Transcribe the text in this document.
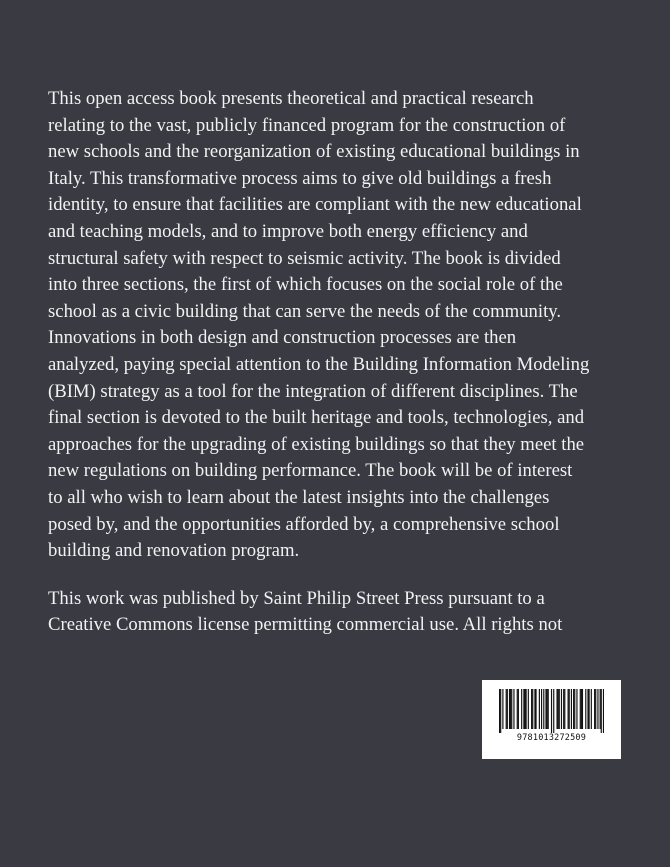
This open access book presents theoretical and practical research
relating to the vast, publicly financed program for the construction of
new schools and the reorganization of existing educational buildings in
Italy. This transformative process aims to give old buildings a fresh
identity, to ensure that facilities are compliant with the new educational
and teaching models, and to improve both energy efficiency and
structural safety with respect to seismic activity. The book is divided
into three sections, the first of which focuses on the social role of the
school as a civic building that can serve the needs of the community.
Innovations in both design and construction processes are then
analyzed, paying special attention to the Building Information Modeling
(BIM) strategy as a tool for the integration of different disciplines. The
final section is devoted to the built heritage and tools, technologies, and
approaches for the upgrading of existing buildings so that they meet the
new regulations on building performance. The book will be of interest
to all who wish to learn about the latest insights into the challenges
posed by, and the opportunities afforded by, a comprehensive school
building and renovation program.

This work was published by Saint Philip Street Press pursuant to a
Creative Commons license permitting commercial use. All rights not

9781013272509
